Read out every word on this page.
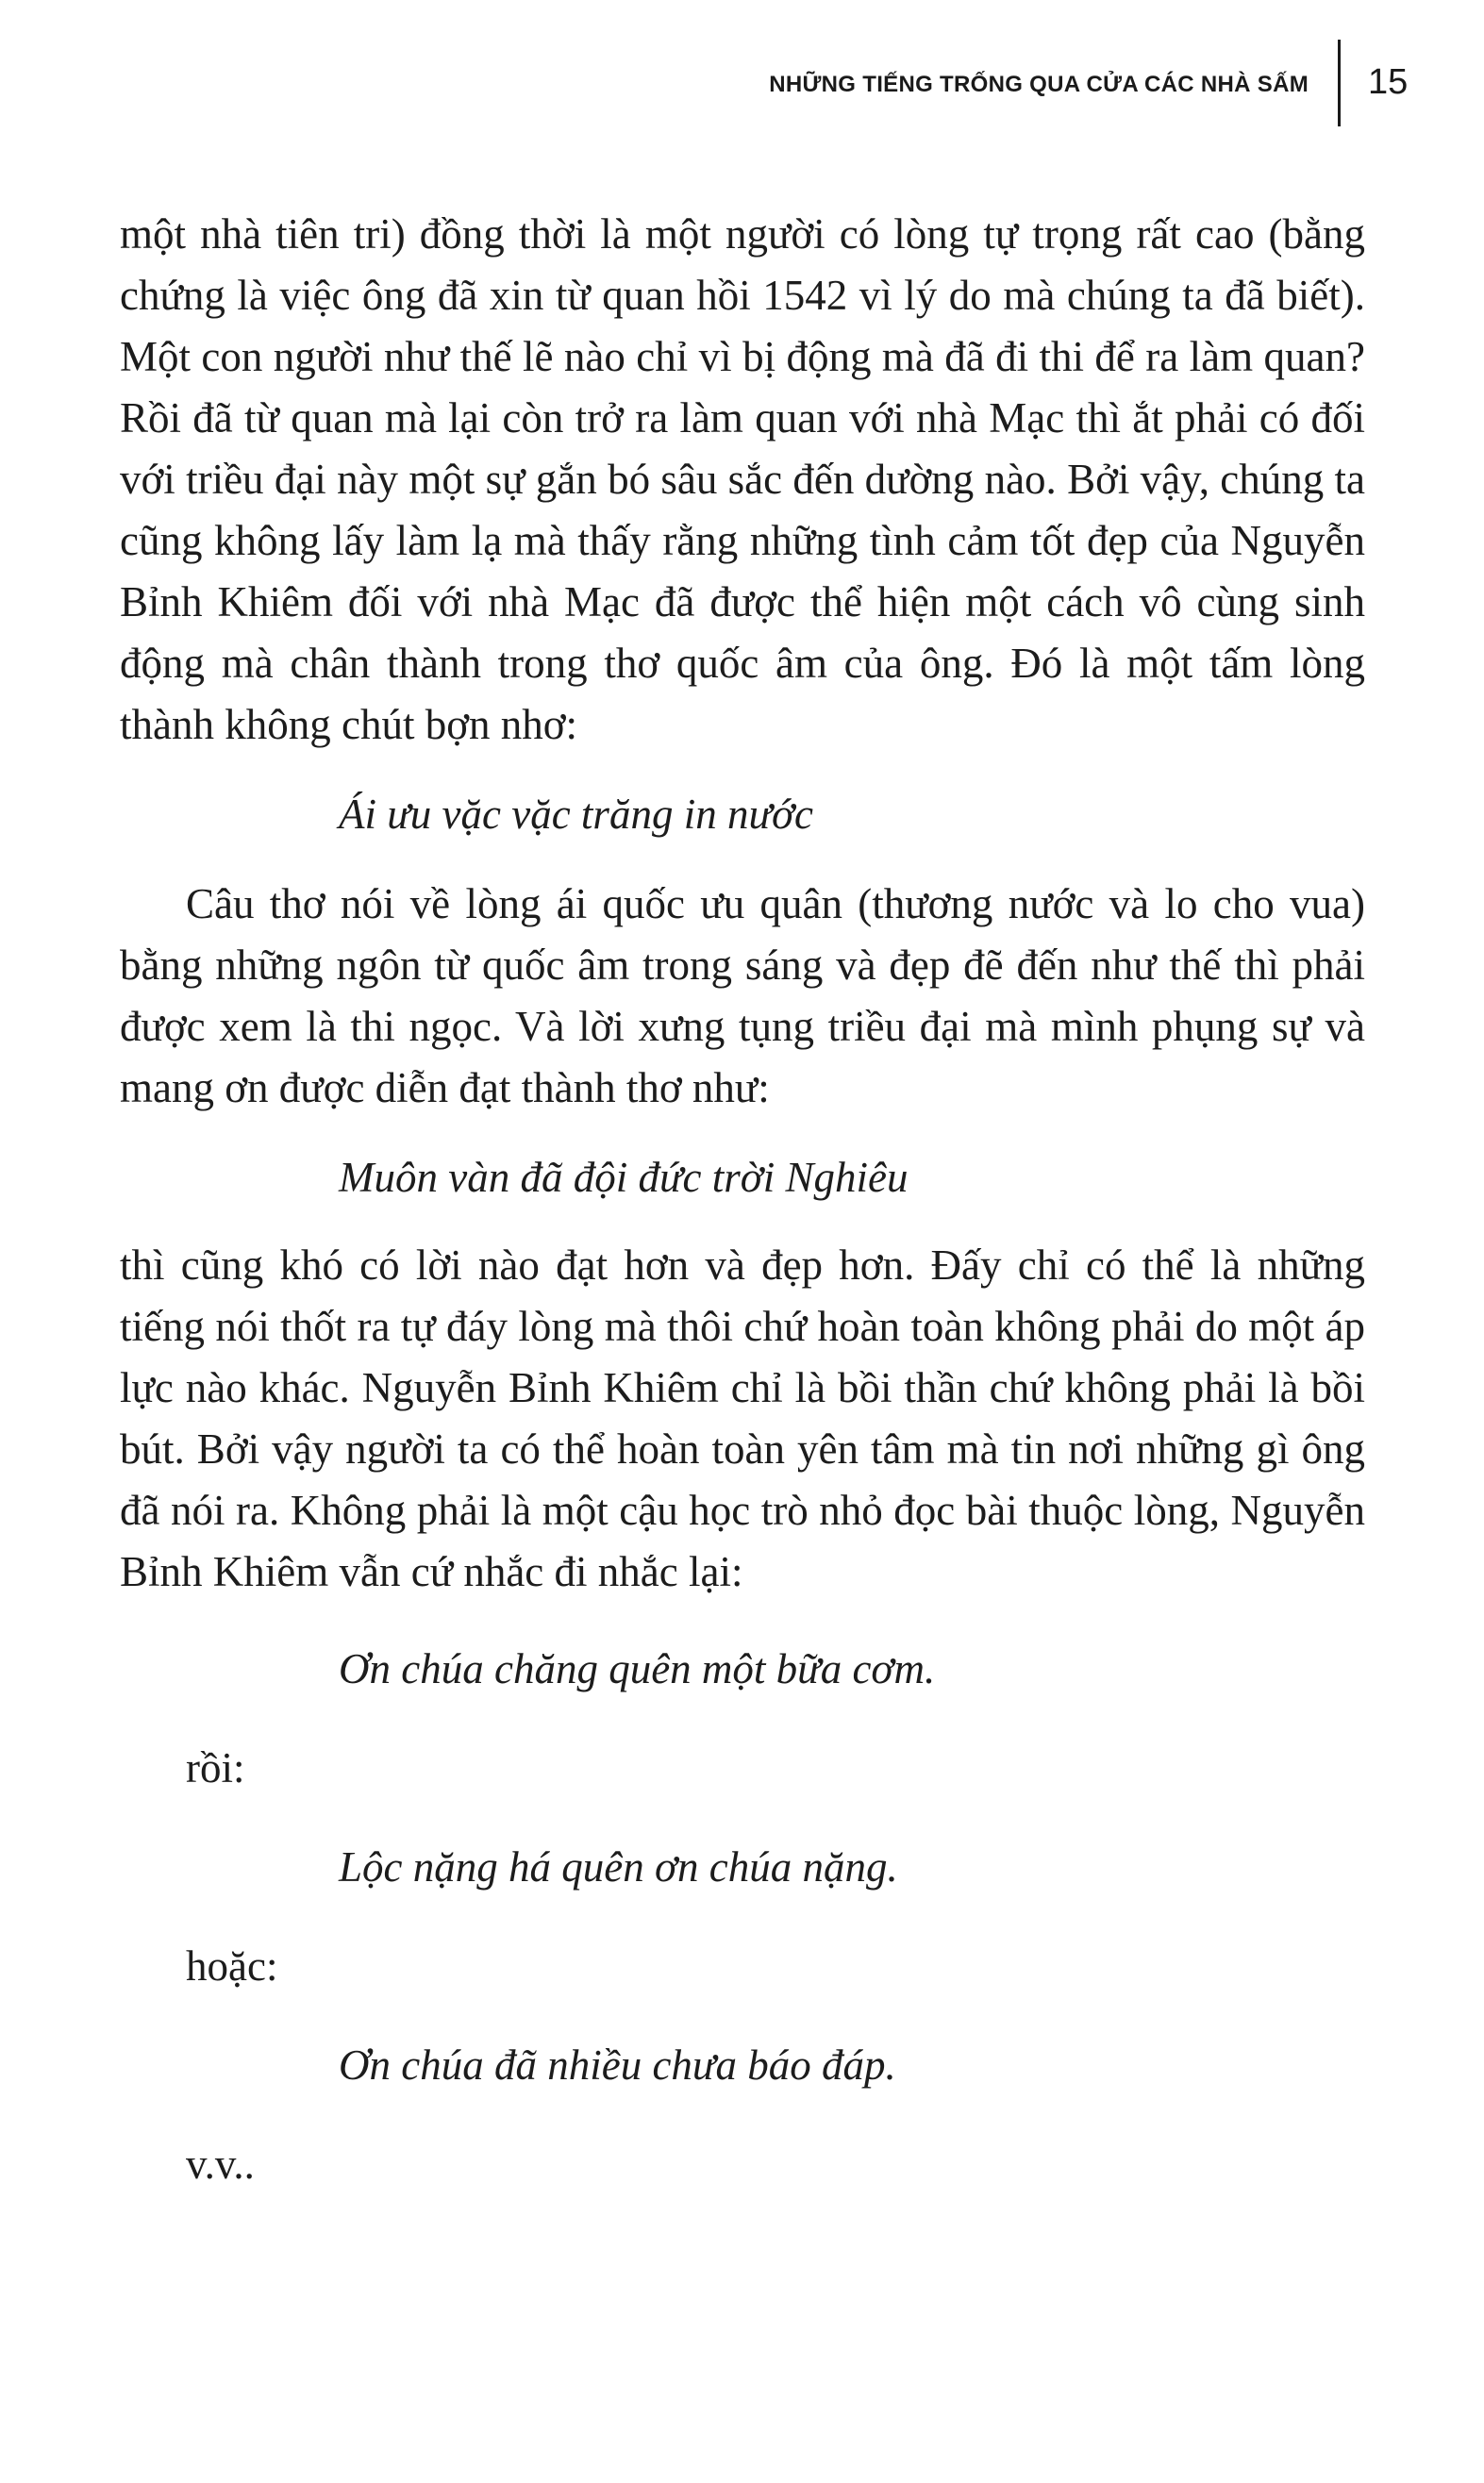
NHỮNG TIẾNG TRỐNG QUA CỬA CÁC NHÀ SẤM 15

một nhà tiên tri) đồng thời là một người có lòng tự trọng rất cao (bằng chứng là việc ông đã xin từ quan hồi 1542 vì lý do mà chúng ta đã biết). Một con người như thế lẽ nào chỉ vì bị động mà đã đi thi để ra làm quan? Rồi đã từ quan mà lại còn trở ra làm quan với nhà Mạc thì ắt phải có đối với triều đại này một sự gắn bó sâu sắc đến dường nào. Bởi vậy, chúng ta cũng không lấy làm lạ mà thấy rằng những tình cảm tốt đẹp của Nguyễn Bỉnh Khiêm đối với nhà Mạc đã được thể hiện một cách vô cùng sinh động mà chân thành trong thơ quốc âm của ông. Đó là một tấm lòng thành không chút bợn nhơ:

Ái ưu vặc vặc trăng in nước

Câu thơ nói về lòng ái quốc ưu quân (thương nước và lo cho vua) bằng những ngôn từ quốc âm trong sáng và đẹp đẽ đến như thế thì phải được xem là thi ngọc. Và lời xưng tụng triều đại mà mình phụng sự và mang ơn được diễn đạt thành thơ như:

Muôn vàn đã đội đức trời Nghiêu

thì cũng khó có lời nào đạt hơn và đẹp hơn. Đấy chỉ có thể là những tiếng nói thốt ra tự đáy lòng mà thôi chứ hoàn toàn không phải do một áp lực nào khác. Nguyễn Bỉnh Khiêm chỉ là bồi thần chứ không phải là bồi bút. Bởi vậy người ta có thể hoàn toàn yên tâm mà tin nơi những gì ông đã nói ra. Không phải là một cậu học trò nhỏ đọc bài thuộc lòng, Nguyễn Bỉnh Khiêm vẫn cứ nhắc đi nhắc lại:

Ơn chúa chăng quên một bữa cơm.

rồi:

Lộc nặng há quên ơn chúa nặng.

hoặc:

Ơn chúa đã nhiều chưa báo đáp.

v.v..
